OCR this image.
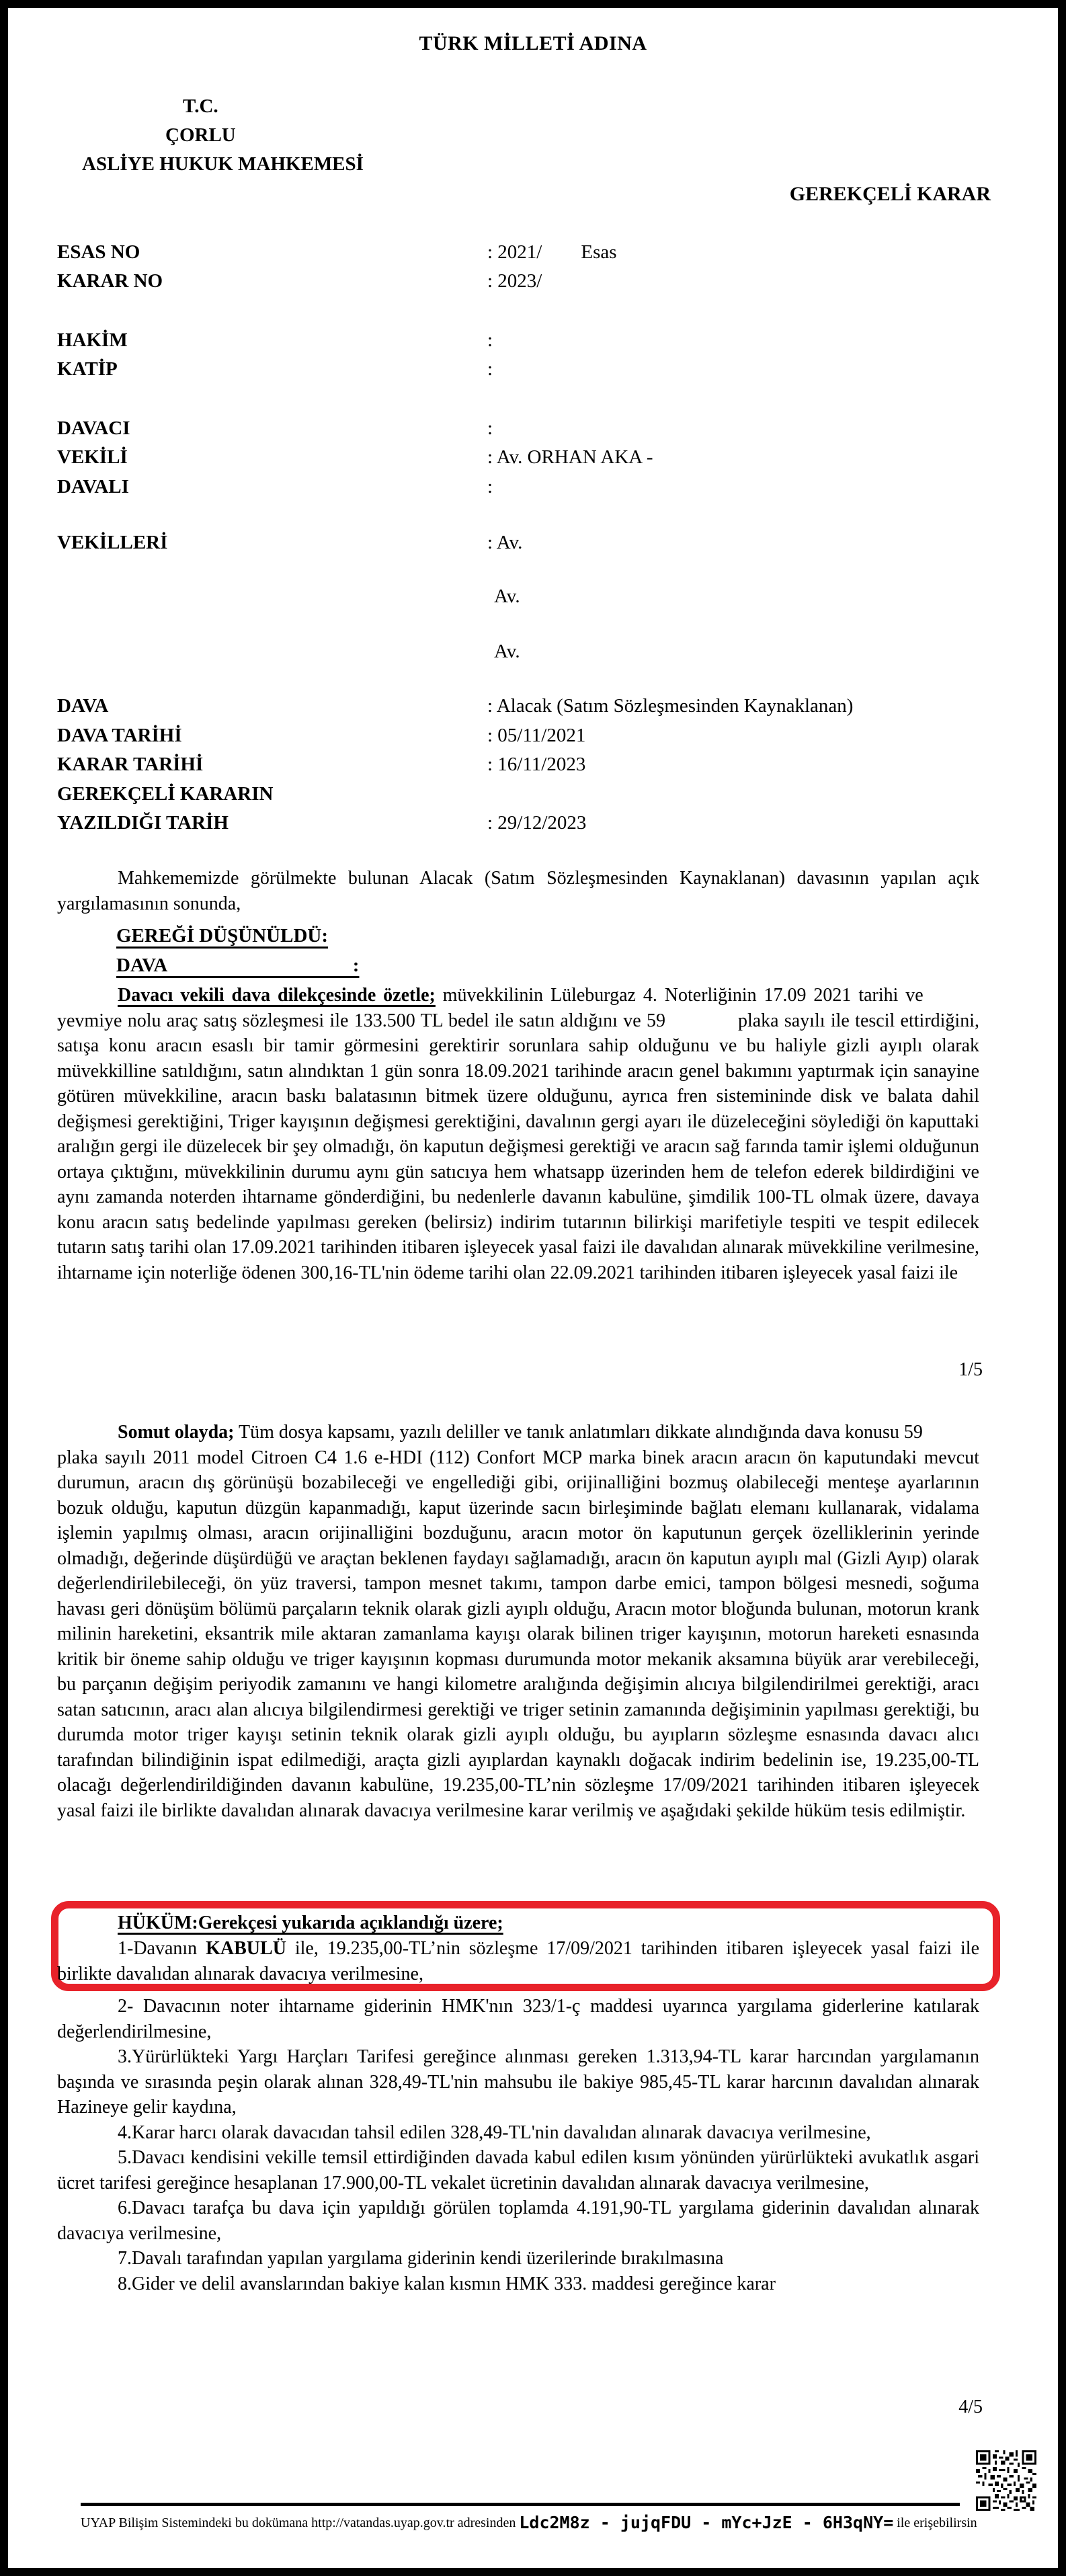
TÜRK MİLLETİ ADINA
T.C.
ÇORLU
ASLİYE HUKUK MAHKEMESİ
GEREKÇELİ KARAR
ESAS NO	: 2021/        Esas
KARAR NO	: 2023/
HAKİM	:
KATİP	:
DAVACI	:
VEKİLİ	: Av. ORHAN AKA -
DAVALI	:
VEKİLLERİ	: Av.
Av.
Av.
DAVA	: Alacak (Satım Sözleşmesinden Kaynaklanan)
DAVA TARİHİ	: 05/11/2021
KARAR TARİHİ	: 16/11/2023
GEREKÇELİ KARARIN
YAZILDIĞI TARİH	: 29/12/2023
Mahkememizde görülmekte bulunan Alacak (Satım Sözleşmesinden Kaynaklanan) davasının yapılan açık yargılamasının sonunda,
GEREĞİ DÜŞÜNÜLDÜ:
DAVA                                      :
Davacı vekili dava dilekçesinde özetle; müvekkilinin Lüleburgaz 4. Noterliğinin 17.09 2021 tarihi ve         yevmiye nolu araç satış sözleşmesi ile 133.500 TL bedel ile satın aldığını ve 59             plaka sayılı ile tescil ettirdiğini, satışa konu aracın esaslı bir tamir görmesini gerektirir sorunlara sahip olduğunu ve bu haliyle gizli ayıplı olarak müvekkilline satıldığını, satın alındıktan 1 gün sonra 18.09.2021 tarihinde aracın genel bakımını yaptırmak için sanayine götüren müvekkiline, aracın baskı balatasının bitmek üzere olduğunu, ayrıca fren sistemininde disk ve balata dahil değişmesi gerektiğini, Triger kayışının değişmesi gerektiğini, davalının gergi ayarı ile düzeleceğini söylediği ön kaputtaki aralığın gergi ile düzelecek bir şey olmadığı, ön kaputun değişmesi gerektiği ve aracın sağ farında tamir işlemi olduğunun ortaya çıktığını, müvekkilinin durumu aynı gün satıcıya hem whatsapp üzerinden hem de telefon ederek bildirdiğini ve aynı zamanda noterden ihtarname gönderdiğini, bu nedenlerle davanın kabulüne, şimdilik 100-TL olmak üzere, davaya konu aracın satış bedelinde yapılması gereken (belirsiz) indirim tutarının bilirkişi marifetiyle tespiti ve tespit edilecek tutarın satış tarihi olan 17.09.2021 tarihinden itibaren işleyecek yasal faizi ile davalıdan alınarak müvekkiline verilmesine, ihtarname için noterliğe ödenen 300,16-TL'nin ödeme tarihi olan 22.09.2021 tarihinden itibaren işleyecek yasal faizi ile
1/5
Somut olayda; Tüm dosya kapsamı, yazılı deliller ve tanık anlatımları dikkate alındığında dava konusu 59             plaka sayılı 2011 model Citroen C4 1.6 e-HDI (112) Confort MCP marka binek aracın aracın ön kaputundaki mevcut durumun, aracın dış görünüşü bozabileceği ve engellediği gibi, orijinalliğini bozmuş olabileceği menteşe ayarlarının bozuk olduğu, kaputun düzgün kapanmadığı, kaput üzerinde sacın birleşiminde bağlatı elemanı kullanarak, vidalama işlemin yapılmış olması, aracın orijinalliğini bozduğunu, aracın motor ön kaputunun gerçek özelliklerinin yerinde olmadığı, değerinde düşürdüğü ve araçtan beklenen faydayı sağlamadığı, aracın ön kaputun ayıplı mal (Gizli Ayıp) olarak değerlendirilebileceği, ön yüz traversi, tampon mesnet takımı, tampon darbe emici, tampon bölgesi mesnedi, soğuma havası geri dönüşüm bölümü parçaların teknik olarak gizli ayıplı olduğu, Aracın motor bloğunda bulunan, motorun krank milinin hareketini, eksantrik mile aktaran zamanlama kayışı olarak bilinen triger kayışının, motorun hareketi esnasında kritik bir öneme sahip olduğu ve triger kayışının kopması durumunda motor mekanik aksamına büyük arar verebileceği, bu parçanın değişim periyodik zamanını ve hangi kilometre aralığında değişimin alıcıya bilgilendirilmei gerektiği, aracı satan satıcının, aracı alan alıcıya bilgilendirmesi gerektiği ve triger setinin zamanında değişiminin yapılması gerektiği, bu durumda motor triger kayışı setinin teknik olarak gizli ayıplı olduğu, bu ayıpların sözleşme esnasında davacı alıcı tarafından bilindiğinin ispat edilmediği, araçta gizli ayıplardan kaynaklı doğacak indirim bedelinin ise, 19.235,00-TL olacağı değerlendirildiğinden davanın kabulüne, 19.235,00-TL’nin sözleşme 17/09/2021 tarihinden itibaren işleyecek yasal faizi ile birlikte davalıdan alınarak davacıya verilmesine karar verilmiş ve aşağıdaki şekilde hüküm tesis edilmiştir.
HÜKÜM:Gerekçesi yukarıda açıklandığı üzere;

1-Davanın KABULÜ ile, 19.235,00-TL’nin sözleşme 17/09/2021 tarihinden itibaren işleyecek yasal faizi ile birlikte davalıdan alınarak davacıya verilmesine,

2- Davacının noter ihtarname giderinin HMK'nın 323/1-ç maddesi uyarınca yargılama giderlerine katılarak değerlendirilmesine,

3.Yürürlükteki Yargı Harçları Tarifesi gereğince alınması gereken 1.313,94-TL karar harcından yargılamanın başında ve sırasında peşin olarak alınan 328,49-TL'nin mahsubu ile bakiye 985,45-TL karar harcının davalıdan alınarak Hazineye gelir kaydına,

4.Karar harcı olarak davacıdan tahsil edilen 328,49-TL'nin davalıdan alınarak davacıya verilmesine,

5.Davacı kendisini vekille temsil ettirdiğinden davada kabul edilen kısım yönünden yürürlükteki avukatlık asgari ücret tarifesi gereğince hesaplanan 17.900,00-TL vekalet ücretinin davalıdan alınarak davacıya verilmesine,

6.Davacı tarafça bu dava için yapıldığı görülen toplamda 4.191,90-TL yargılama giderinin davalıdan alınarak davacıya verilmesine,

7.Davalı tarafından yapılan yargılama giderinin kendi üzerilerinde bırakılmasına

8.Gider ve delil avanslarından bakiye kalan kısmın HMK 333. maddesi gereğince karar

4/5
UYAP Bilişim Sistemindeki bu dokümana http://vatandas.uyap.gov.tr adresinden Ldc2M8z - jujqFDU - mYc+JzE - 6H3qNY= ile erişebilirsin
